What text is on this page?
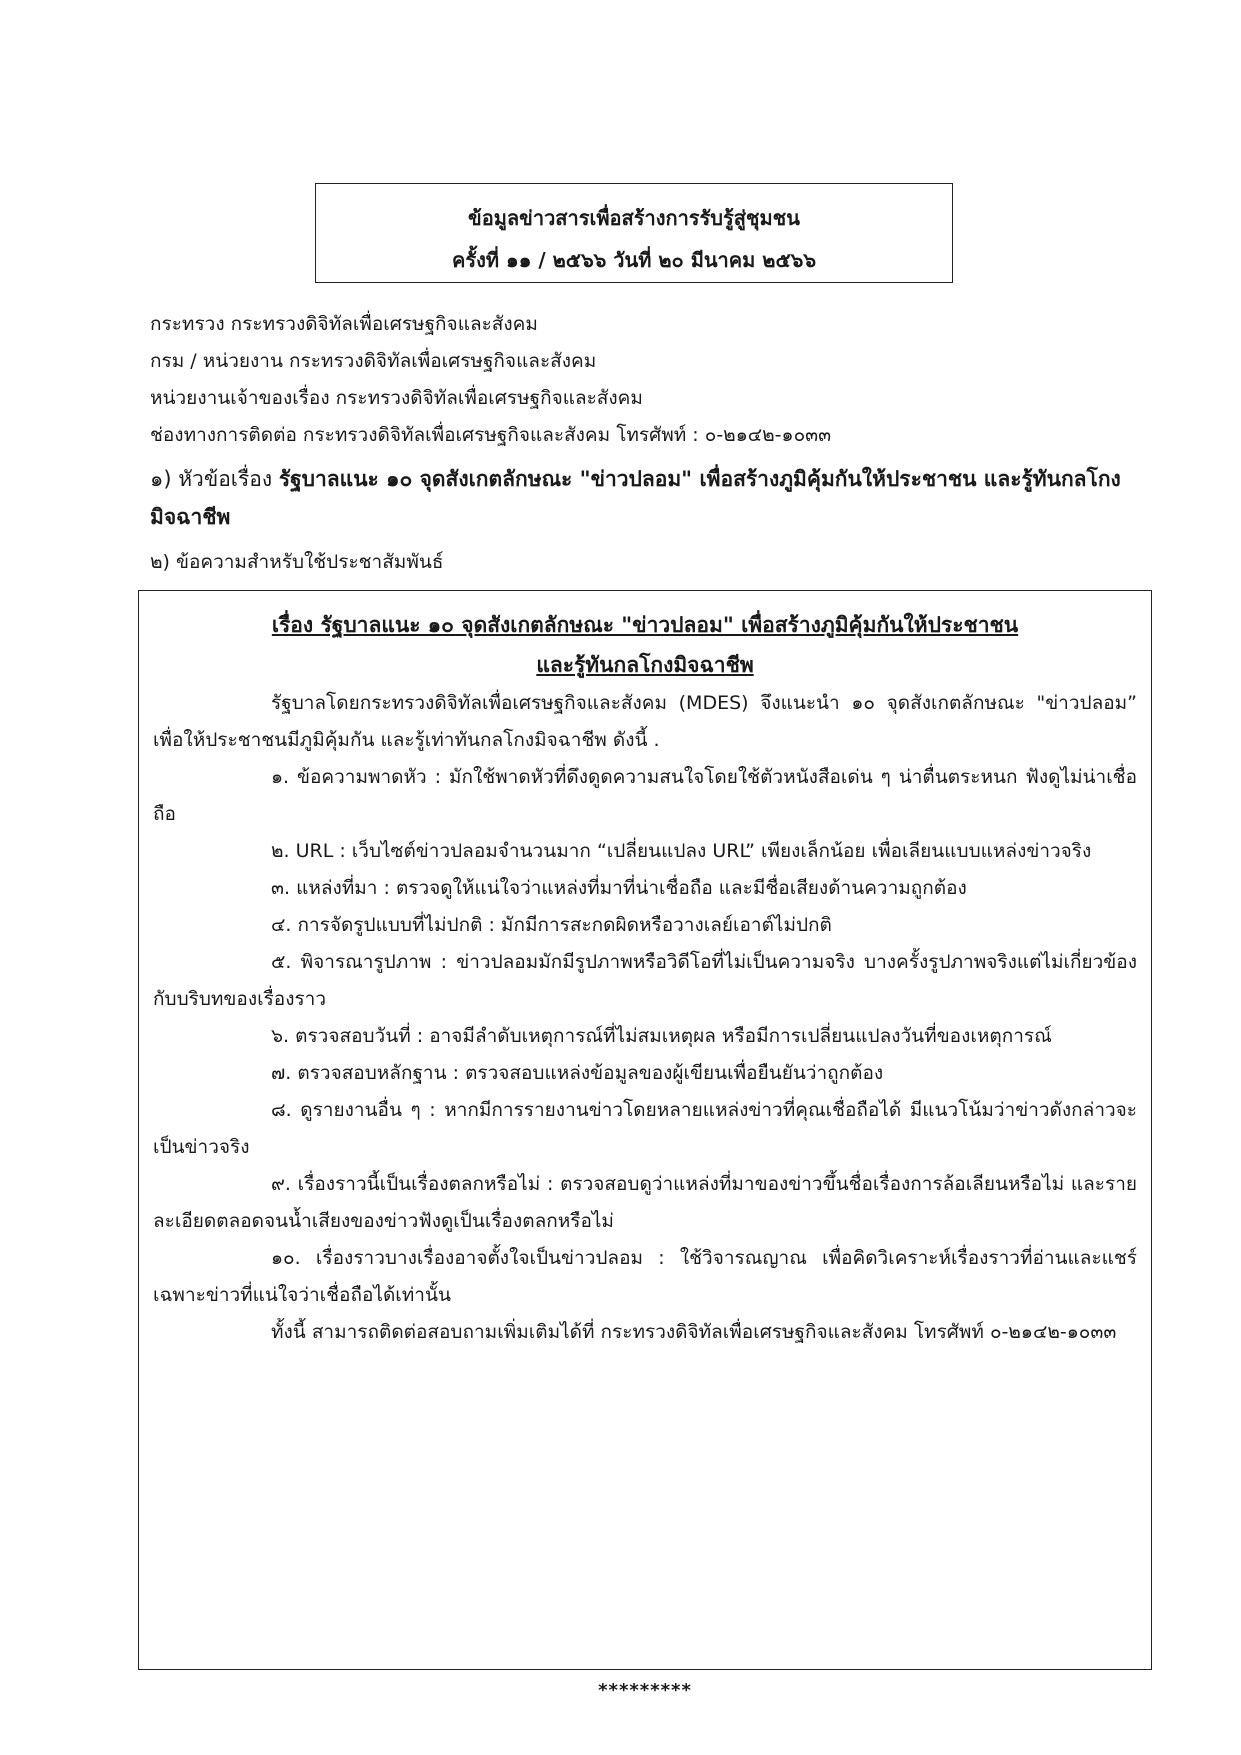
ข้อมูลข่าวสารเพื่อสร้างการรับรู้สู่ชุมชน
ครั้งที่ ๑๑ / ๒๕๖๖ วันที่ ๒๐ มีนาคม ๒๕๖๖
กระทรวง กระทรวงดิจิทัลเพื่อเศรษฐกิจและสังคม
กรม / หน่วยงาน กระทรวงดิจิทัลเพื่อเศรษฐกิจและสังคม
หน่วยงานเจ้าของเรื่อง กระทรวงดิจิทัลเพื่อเศรษฐกิจและสังคม
ช่องทางการติดต่อ กระทรวงดิจิทัลเพื่อเศรษฐกิจและสังคม โทรศัพท์ : ๐-๒๑๔๒-๑๐๓๓
๑) หัวข้อเรื่อง รัฐบาลแนะ ๑๐ จุดสังเกตลักษณะ "ข่าวปลอม" เพื่อสร้างภูมิคุ้มกันให้ประชาชน และรู้ทันกลโกงมิจฉาชีพ
๒) ข้อความสำหรับใช้ประชาสัมพันธ์
เรื่อง รัฐบาลแนะ ๑๐ จุดสังเกตลักษณะ "ข่าวปลอม" เพื่อสร้างภูมิคุ้มกันให้ประชาชน
และรู้ทันกลโกงมิจฉาชีพ

รัฐบาลโดยกระทรวงดิจิทัลเพื่อเศรษฐกิจและสังคม (MDES) จึงแนะนำ ๑๐ จุดสังเกตลักษณะ "ข่าวปลอม” เพื่อให้ประชาชนมีภูมิคุ้มกัน และรู้เท่าทันกลโกงมิจฉาชีพ ดังนี้ .

๑. ข้อความพาดหัว : มักใช้พาดหัวที่ดึงดูดความสนใจโดยใช้ตัวหนังสือเด่น ๆ น่าตื่นตระหนก ฟังดูไม่น่าเชื่อถือ

๒. URL : เว็บไซต์ข่าวปลอมจำนวนมาก “เปลี่ยนแปลง URL” เพียงเล็กน้อย เพื่อเลียนแบบแหล่งข่าวจริง

๓. แหล่งที่มา : ตรวจดูให้แน่ใจว่าแหล่งที่มาที่น่าเชื่อถือ และมีชื่อเสียงด้านความถูกต้อง

๔. การจัดรูปแบบที่ไม่ปกติ : มักมีการสะกดผิดหรือวางเลย์เอาต์ไม่ปกติ

๕. พิจารณารูปภาพ : ข่าวปลอมมักมีรูปภาพหรือวิดีโอที่ไม่เป็นความจริง บางครั้งรูปภาพจริงแต่ไม่เกี่ยวข้องกับบริบทของเรื่องราว

๖. ตรวจสอบวันที่ : อาจมีลำดับเหตุการณ์ที่ไม่สมเหตุผล หรือมีการเปลี่ยนแปลงวันที่ของเหตุการณ์

๗. ตรวจสอบหลักฐาน : ตรวจสอบแหล่งข้อมูลของผู้เขียนเพื่อยืนยันว่าถูกต้อง

๘. ดูรายงานอื่น ๆ : หากมีการรายงานข่าวโดยหลายแหล่งข่าวที่คุณเชื่อถือได้ มีแนวโน้มว่าข่าวดังกล่าวจะเป็นข่าวจริง

๙. เรื่องราวนี้เป็นเรื่องตลกหรือไม่ : ตรวจสอบดูว่าแหล่งที่มาของข่าวขึ้นชื่อเรื่องการล้อเลียนหรือไม่ และรายละเอียดตลอดจนน้ำเสียงของข่าวฟังดูเป็นเรื่องตลกหรือไม่

๑๐. เรื่องราวบางเรื่องอาจตั้งใจเป็นข่าวปลอม : ใช้วิจารณญาณ เพื่อคิดวิเคราะห์เรื่องราวที่อ่านและแชร์เฉพาะข่าวที่แน่ใจว่าเชื่อถือได้เท่านั้น

ทั้งนี้ สามารถติดต่อสอบถามเพิ่มเติมได้ที่ กระทรวงดิจิทัลเพื่อเศรษฐกิจและสังคม โทรศัพท์ ๐-๒๑๔๒-๑๐๓๓

*********
